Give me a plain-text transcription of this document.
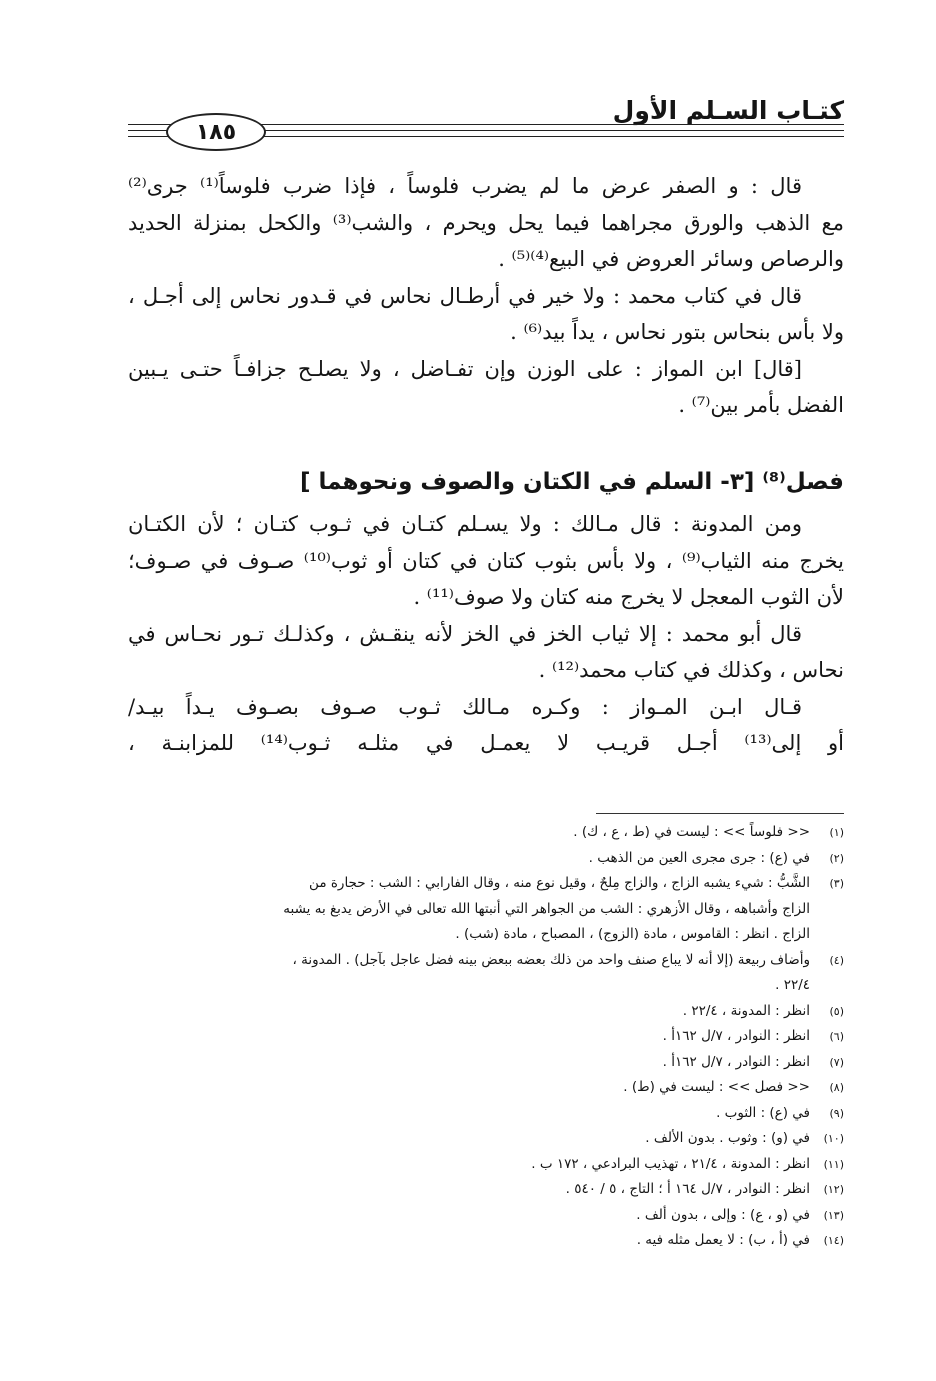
كتـاب السـلم الأول
١٨٥
قال : و الصفر عرض ما لم يضرب فلوساً ، فإذا ضرب فلوساً⁽¹⁾ جرى⁽²⁾
مع الذهب والورق مجراهما فيما يحل ويحرم ، والشب⁽³⁾ والكحل بمنزلة الحديد
والرصاص وسائر العروض في البيع⁽⁴⁾⁽⁵⁾ .
قال في كتاب محمد : ولا خير في أرطـال نحاس في قـدور نحاس إلى أجـل ،
ولا بأس بنحاس بتور نحاس ، يداً بيد⁽⁶⁾ .
[قال] ابن المواز : على الوزن وإن تفـاضل ، ولا يصلـح جزافـاً حتـى يـبين
الفضل بأمر بين⁽⁷⁾ .
فصل⁽⁸⁾ [٣- السلم في الكتان والصوف ونحوهما ]
ومن المدونة : قال مـالك : ولا يسـلم كتـان في ثـوب كتـان ؛ لأن الكتـان
يخرج منه الثياب⁽⁹⁾ ، ولا بأس بثوب كتان في كتان أو ثوب⁽¹⁰⁾ صـوف في صـوف؛
لأن الثوب المعجل لا يخرج منه كتان ولا صوف⁽¹¹⁾ .
قال أبو محمد : إلا ثياب الخز في الخز لأنه ينقـش ، وكذلـك تـور نحـاس في
نحاس ، وكذلك في كتاب محمد⁽¹²⁾ .
قـال ابـن المـواز : وكـره مـالك ثـوب صـوف بصـوف يـداً بيـد/
أو إلى⁽¹³⁾ أجـل قريـب لا يعمـل في مثلـه ثـوب⁽¹⁴⁾ للمزابنـة ،
(١)
<< فلوساً >> : ليست في (ط ، ع ، ك) .
(٢)
في (ع) : جرى مجرى العين من الذهب .
(٣)
الشَّبُّ : شيء يشبه الزاج ، والزاج مِلحٌ ، وقيل نوع منه ، وقال الفارابي : الشب : حجارة من
الزاج وأشباهه ، وقال الأزهري : الشب من الجواهر التي أنبتها الله تعالى في الأرض يدبغ به يشبه
الزاج . انظر : القاموس ، مادة (الزوج) ، المصباح ، مادة (شب) .
(٤)
وأضاف ربيعة (إلا أنه لا يباع صنف واحد من ذلك بعضه ببعض بينه فضل عاجل بآجل) . المدونة ،
٢٢/٤ .
(٥)
انظر : المدونة ، ٢٢/٤ .
(٦)
انظر : النوادر ، ٧/ل ١٦٢أ .
(٧)
انظر : النوادر ، ٧/ل ١٦٢أ .
(٨)
<< فصل >> : ليست في (ط) .
(٩)
في (ع) : الثوب .
(١٠)
في (و) : وثوب . بدون الألف .
(١١)
انظر : المدونة ، ٢١/٤ ، تهذيب البرادعي ، ١٧٢ ب .
(١٢)
انظر : النوادر ، ٧/ل ١٦٤ أ ؛ التاج ، ٥ / ٥٤٠ .
(١٣)
في (و ، ع) : وإلى ، بدون ألف .
(١٤)
في (أ ، ب) : لا يعمل مثله فيه .
